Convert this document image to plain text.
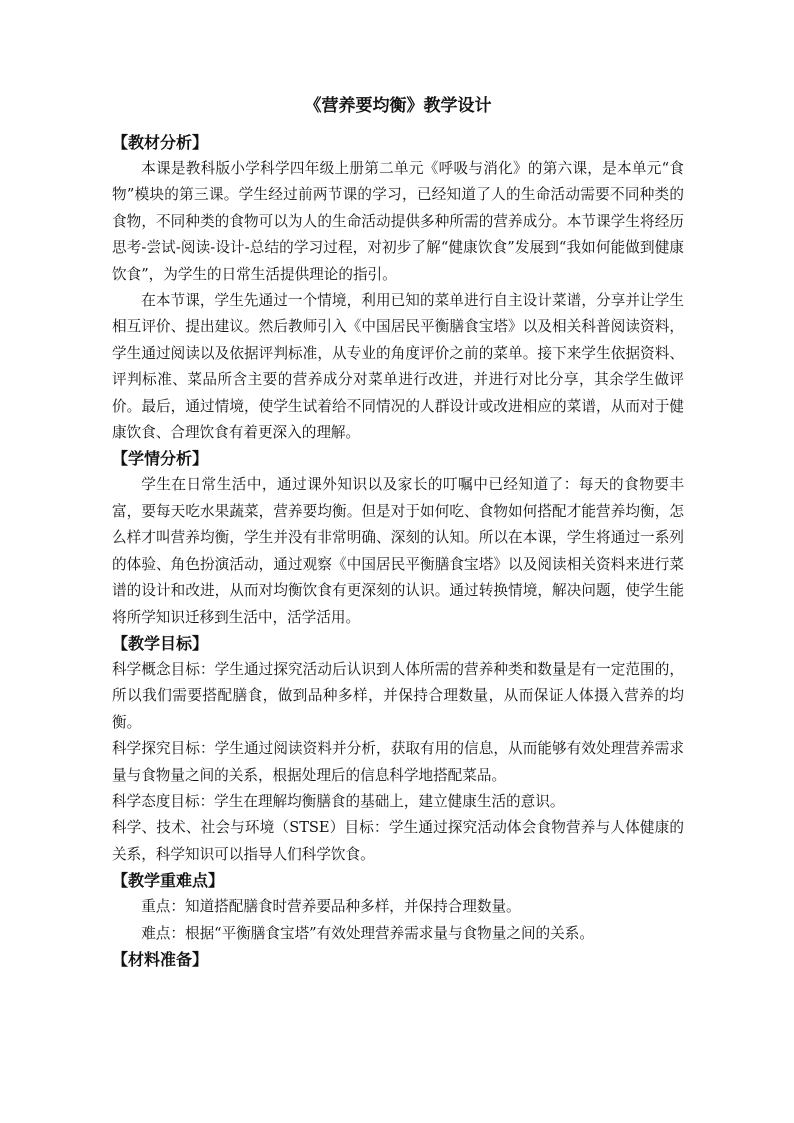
《营养要均衡》教学设计
【教材分析】

本课是教科版小学科学四年级上册第二单元《呼吸与消化》的第六课，是本单元“食物”模块的第三课。学生经过前两节课的学习，已经知道了人的生命活动需要不同种类的食物，不同种类的食物可以为人的生命活动提供多种所需的营养成分。本节课学生将经历思考-尝试-阅读-设计-总结的学习过程，对初步了解“健康饮食”发展到“我如何能做到健康饮食”，为学生的日常生活提供理论的指引。

在本节课，学生先通过一个情境，利用已知的菜单进行自主设计菜谱，分享并让学生相互评价、提出建议。然后教师引入《中国居民平衡膳食宝塔》以及相关科普阅读资料，学生通过阅读以及依据评判标准，从专业的角度评价之前的菜单。接下来学生依据资料、评判标准、菜品所含主要的营养成分对菜单进行改进，并进行对比分享，其余学生做评价。最后，通过情境，使学生试着给不同情况的人群设计或改进相应的菜谱，从而对于健康饮食、合理饮食有着更深入的理解。

【学情分析】

学生在日常生活中，通过课外知识以及家长的叮嘱中已经知道了：每天的食物要丰富，要每天吃水果蔬菜，营养要均衡。但是对于如何吃、食物如何搭配才能营养均衡，怎么样才叫营养均衡，学生并没有非常明确、深刻的认知。所以在本课，学生将通过一系列的体验、角色扮演活动，通过观察《中国居民平衡膳食宝塔》以及阅读相关资料来进行菜谱的设计和改进，从而对均衡饮食有更深刻的认识。通过转换情境，解决问题，使学生能将所学知识迁移到生活中，活学活用。

【教学目标】

科学概念目标：学生通过探究活动后认识到人体所需的营养种类和数量是有一定范围的，所以我们需要搭配膳食，做到品种多样，并保持合理数量，从而保证人体摄入营养的均衡。

科学探究目标：学生通过阅读资料并分析，获取有用的信息，从而能够有效处理营养需求量与食物量之间的关系，根据处理后的信息科学地搭配菜品。

科学态度目标：学生在理解均衡膳食的基础上，建立健康生活的意识。

科学、技术、社会与环境（STSE）目标：学生通过探究活动体会食物营养与人体健康的关系，科学知识可以指导人们科学饮食。

【教学重难点】

重点：知道搭配膳食时营养要品种多样，并保持合理数量。

难点：根据“平衡膳食宝塔”有效处理营养需求量与食物量之间的关系。

【材料准备】
